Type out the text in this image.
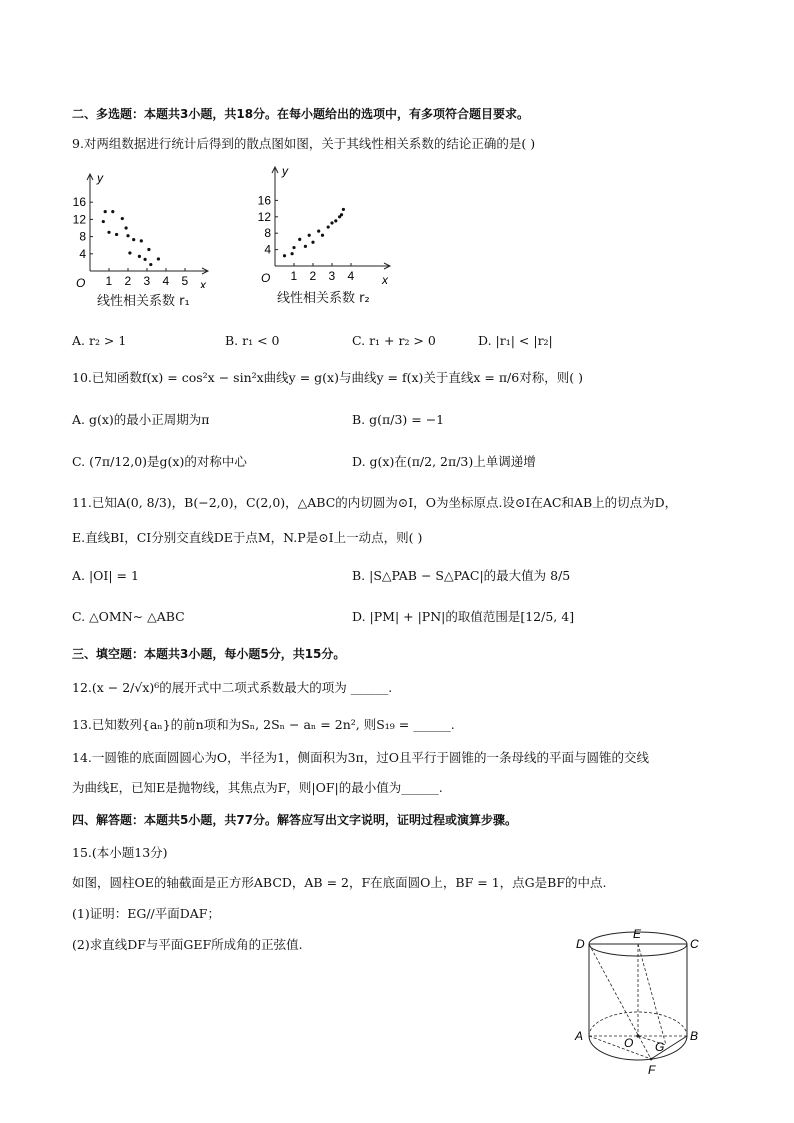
二、多选题：本题共3小题，共18分。在每小题给出的选项中，有多项符合题目要求。
9.对两组数据进行统计后得到的散点图如图，关于其线性相关系数的结论正确的是( )
x
y
O 1 2 3 4 5
4
8
12
16
线性相关系数 r₁
x
y
O 1 2 3 4
4
8
12
16
线性相关系数 r₂
A. r₂ > 1	B. r₁ < 0	C. r₁ + r₂ > 0	D. |r₁| < |r₂|
10.已知函数f(x) = cos²x − sin²x曲线y = g(x)与曲线y = f(x)关于直线x = π/6对称，则( )
A. g(x)的最小正周期为π	B. g(π/3) = −1
C. (7π/12,0)是g(x)的对称中心	D. g(x)在(π/2, 2π/3)上单调递增
11.已知A(0, 8/3)，B(−2,0)，C(2,0)，△ABC的内切圆为⊙I，O为坐标原点.设⊙I在AC和AB上的切点为D，
E.直线BI，CI分别交直线DE于点M，N.P是⊙I上一动点，则( )
A. |OI| = 1	B. |S△PAB − S△PAC|的最大值为 8/5
C. △OMN∼ △ABC	D. |PM| + |PN|的取值范围是[12/5, 4]
三、填空题：本题共3小题，每小题5分，共15分。
12.(x − 2/√x)⁶的展开式中二项式系数最大的项为 ______.
13.已知数列{aₙ}的前n项和为Sₙ, 2Sₙ − aₙ = 2n², 则S₁₉ = ______.
14.一圆锥的底面圆圆心为O，半径为1，侧面积为3π，过O且平行于圆锥的一条母线的平面与圆锥的交线
为曲线E，已知E是抛物线，其焦点为F，则|OF|的最小值为______.
四、解答题：本题共5小题，共77分。解答应写出文字说明，证明过程或演算步骤。
15.(本小题13分)
如图，圆柱OE的轴截面是正方形ABCD，AB = 2，F在底面圆O上，BF = 1，点G是BF的中点.
(1)证明：EG//平面DAF；
(2)求直线DF与平面GEF所成角的正弦值.	D
E
C
A	O G
B
F
